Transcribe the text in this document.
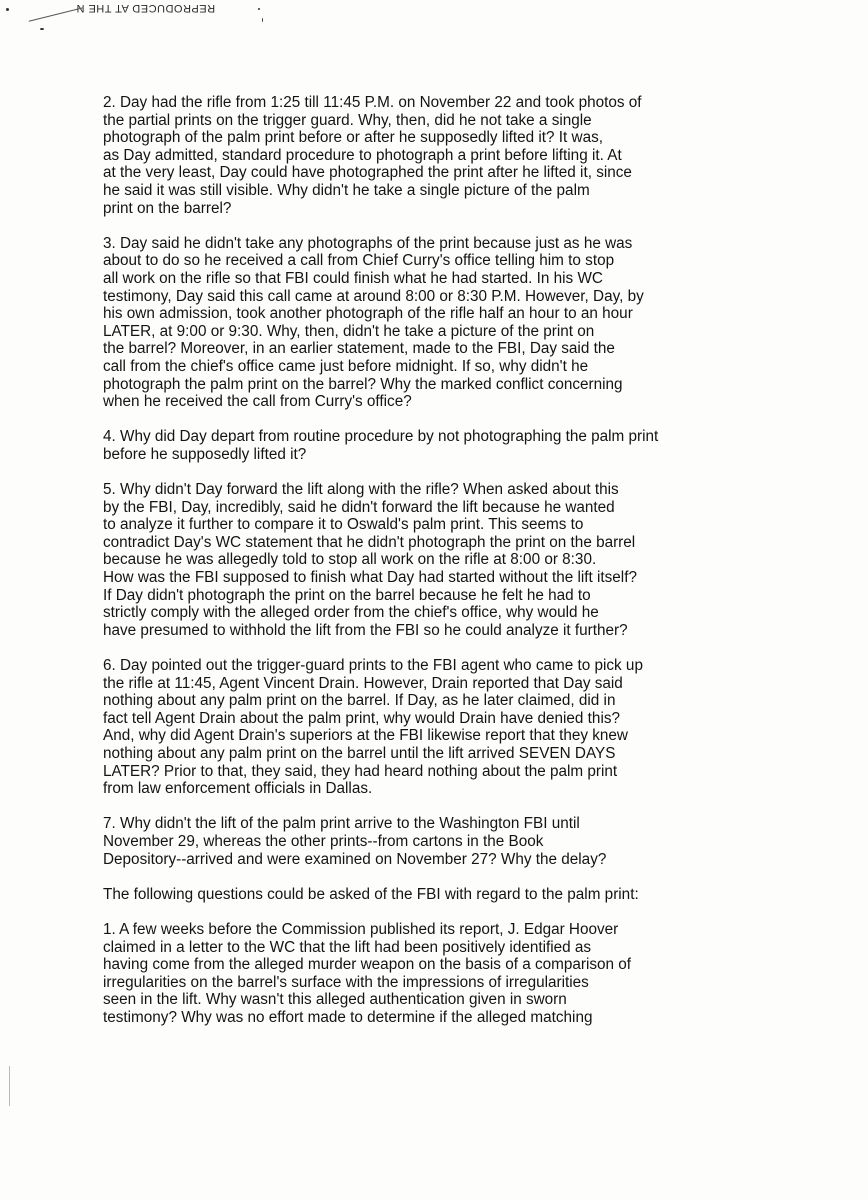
REPRODUCED AT THE N
2. Day had the rifle from 1:25 till 11:45 P.M. on November 22 and took photos of
the partial prints on the trigger guard. Why, then, did he not take a single
photograph of the palm print before or after he supposedly lifted it? It was,
as Day admitted, standard procedure to photograph a print before lifting it. At
at the very least, Day could have photographed the print after he lifted it, since
he said it was still visible. Why didn't he take a single picture of the palm
print on the barrel?
3. Day said he didn't take any photographs of the print because just as he was
about to do so he received a call from Chief Curry's office telling him to stop
all work on the rifle so that FBI could finish what he had started. In his WC
testimony, Day said this call came at around 8:00 or 8:30 P.M. However, Day, by
his own admission, took another photograph of the rifle half an hour to an hour
LATER, at 9:00 or 9:30. Why, then, didn't he take a picture of the print on
the barrel? Moreover, in an earlier statement, made to the FBI, Day said the
call from the chief's office came just before midnight. If so, why didn't he
photograph the palm print on the barrel? Why the marked conflict concerning
when he received the call from Curry's office?
4. Why did Day depart from routine procedure by not photographing the palm print
before he supposedly lifted it?
5. Why didn't Day forward the lift along with the rifle? When asked about this
by the FBI, Day, incredibly, said he didn't forward the lift because he wanted
to analyze it further to compare it to Oswald's palm print. This seems to
contradict Day's WC statement that he didn't photograph the print on the barrel
because he was allegedly told to stop all work on the rifle at 8:00 or 8:30.
How was the FBI supposed to finish what Day had started without the lift itself?
If Day didn't photograph the print on the barrel because he felt he had to
strictly comply with the alleged order from the chief's office, why would he
have presumed to withhold the lift from the FBI so he could analyze it further?
6. Day pointed out the trigger-guard prints to the FBI agent who came to pick up
the rifle at 11:45, Agent Vincent Drain. However, Drain reported that Day said
nothing about any palm print on the barrel. If Day, as he later claimed, did in
fact tell Agent Drain about the palm print, why would Drain have denied this?
And, why did Agent Drain's superiors at the FBI likewise report that they knew
nothing about any palm print on the barrel until the lift arrived SEVEN DAYS
LATER? Prior to that, they said, they had heard nothing about the palm print
from law enforcement officials in Dallas.
7. Why didn't the lift of the palm print arrive to the Washington FBI until
November 29, whereas the other prints--from cartons in the Book
Depository--arrived and were examined on November 27? Why the delay?
The following questions could be asked of the FBI with regard to the palm print:
1. A few weeks before the Commission published its report, J. Edgar Hoover
claimed in a letter to the WC that the lift had been positively identified as
having come from the alleged murder weapon on the basis of a comparison of
irregularities on the barrel's surface with the impressions of irregularities
seen in the lift. Why wasn't this alleged authentication given in sworn
testimony? Why was no effort made to determine if the alleged matching
